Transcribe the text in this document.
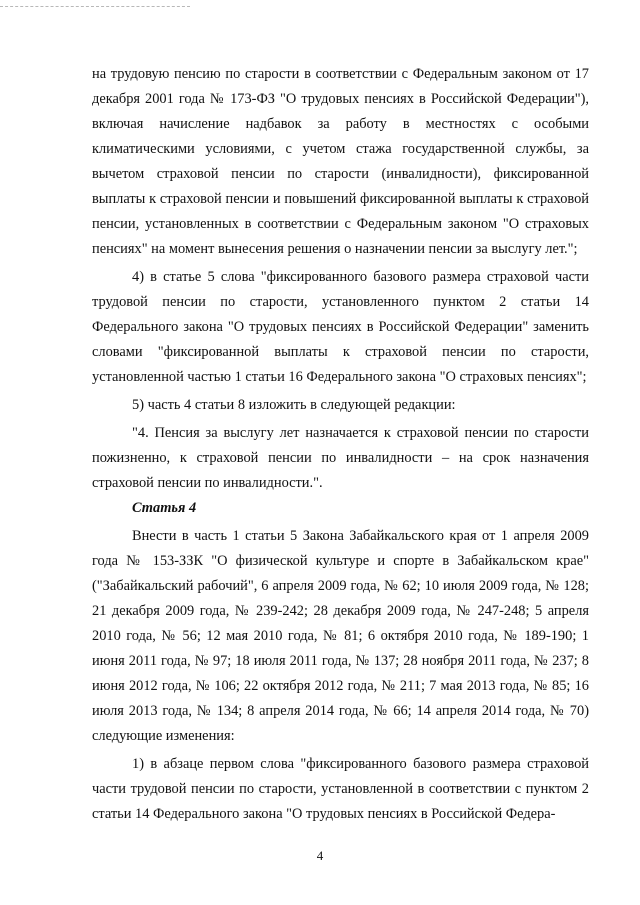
на трудовую пенсию по старости в соответствии с Федеральным законом от 17 декабря 2001 года № 173-ФЗ "О трудовых пенсиях в Российской Федерации"), включая начисление надбавок за работу в местностях с особыми климатическими условиями, с учетом стажа государственной службы, за вычетом страховой пенсии по старости (инвалидности), фиксированной выплаты к страховой пенсии и повышений фиксированной выплаты к страховой пенсии, установленных в соответствии с Федеральным законом "О страховых пенсиях" на момент вынесения решения о назначении пенсии за выслугу лет.";

4) в статье 5 слова "фиксированного базового размера страховой части трудовой пенсии по старости, установленного пунктом 2 статьи 14 Федерального закона "О трудовых пенсиях в Российской Федерации" заменить словами "фиксированной выплаты к страховой пенсии по старости, установленной частью 1 статьи 16 Федерального закона "О страховых пенсиях";

5) часть 4 статьи 8 изложить в следующей редакции:

"4. Пенсия за выслугу лет назначается к страховой пенсии по старости пожизненно, к страховой пенсии по инвалидности – на срок назначения страховой пенсии по инвалидности.".

Статья 4

Внести в часть 1 статьи 5 Закона Забайкальского края от 1 апреля 2009 года № 153-ЗЗК "О физической культуре и спорте в Забайкальском крае" ("Забайкальский рабочий", 6 апреля 2009 года, № 62; 10 июля 2009 года, № 128; 21 декабря 2009 года, № 239-242; 28 декабря 2009 года, № 247-248; 5 апреля 2010 года, № 56; 12 мая 2010 года, № 81; 6 октября 2010 года, № 189-190; 1 июня 2011 года, № 97; 18 июля 2011 года, № 137; 28 ноября 2011 года, № 237; 8 июня 2012 года, № 106; 22 октября 2012 года, № 211; 7 мая 2013 года, № 85; 16 июля 2013 года, № 134; 8 апреля 2014 года, № 66; 14 апреля 2014 года, № 70) следующие изменения:

1) в абзаце первом слова "фиксированного базового размера страховой части трудовой пенсии по старости, установленной в соответствии с пунктом 2 статьи 14 Федерального закона "О трудовых пенсиях в Российской Федера-

4
